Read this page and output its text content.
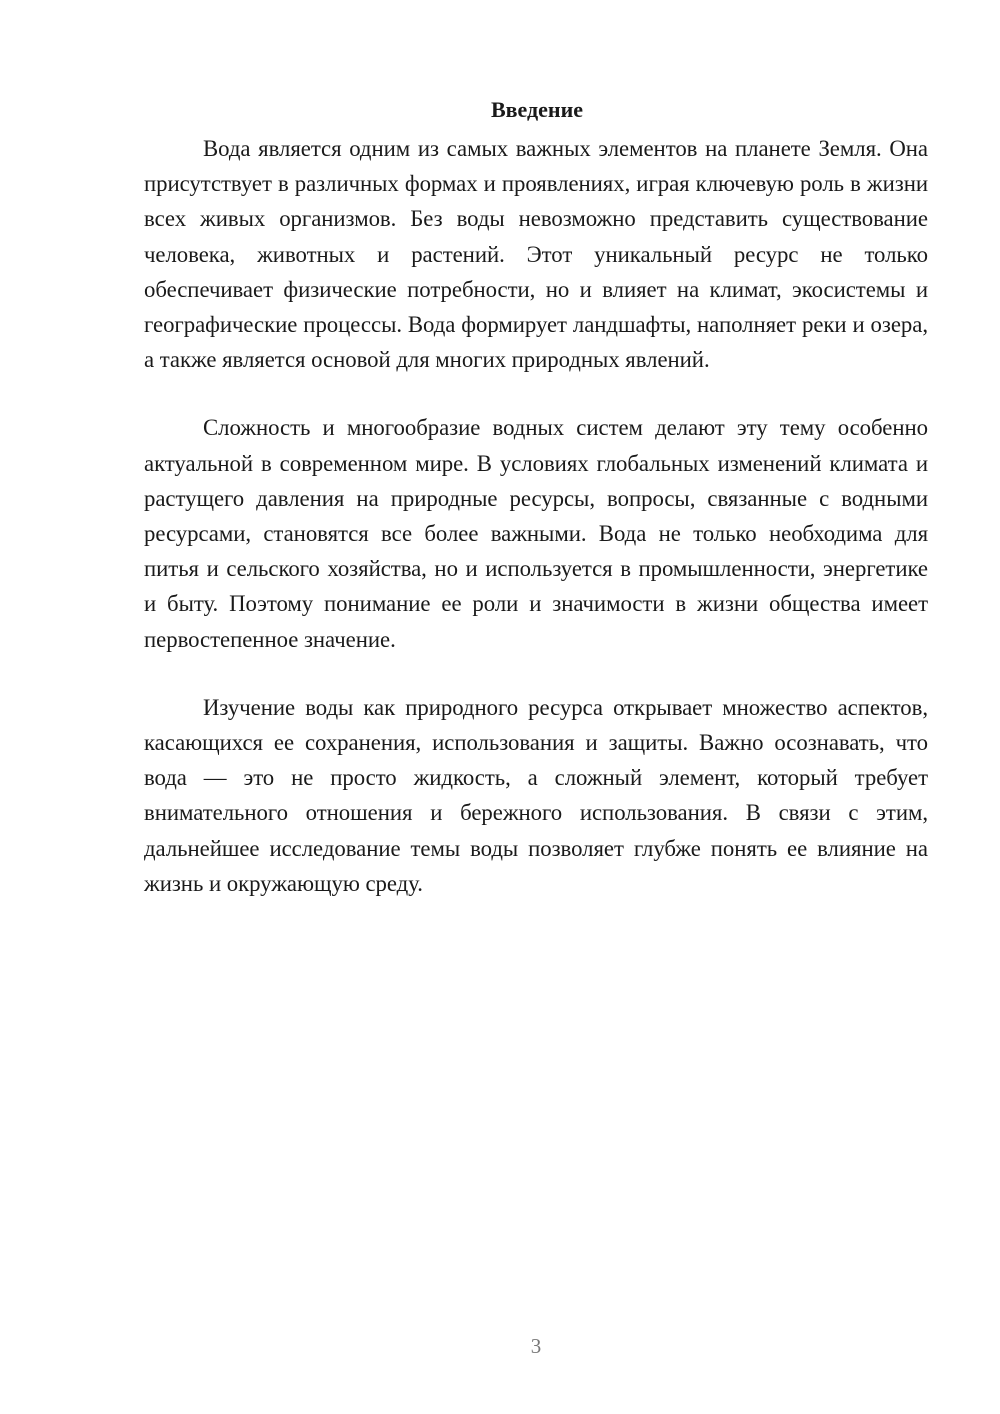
Введение

Вода является одним из самых важных элементов на планете Земля. Она присутствует в различных формах и проявлениях, играя ключевую роль в жизни всех живых организмов. Без воды невозможно представить существование человека, животных и растений. Этот уникальный ресурс не только обеспечивает физические потребности, но и влияет на климат, экосистемы и географические процессы. Вода формирует ландшафты, наполняет реки и озера, а также является основой для многих природных явлений.

Сложность и многообразие водных систем делают эту тему особенно актуальной в современном мире. В условиях глобальных изменений климата и растущего давления на природные ресурсы, вопросы, связанные с водными ресурсами, становятся все более важными. Вода не только необходима для питья и сельского хозяйства, но и используется в промышленности, энергетике и быту. Поэтому понимание ее роли и значимости в жизни общества имеет первостепенное значение.

Изучение воды как природного ресурса открывает множество аспектов, касающихся ее сохранения, использования и защиты. Важно осознавать, что вода — это не просто жидкость, а сложный элемент, который требует внимательного отношения и бережного использования. В связи с этим, дальнейшее исследование темы воды позволяет глубже понять ее влияние на жизнь и окружающую среду.

3
